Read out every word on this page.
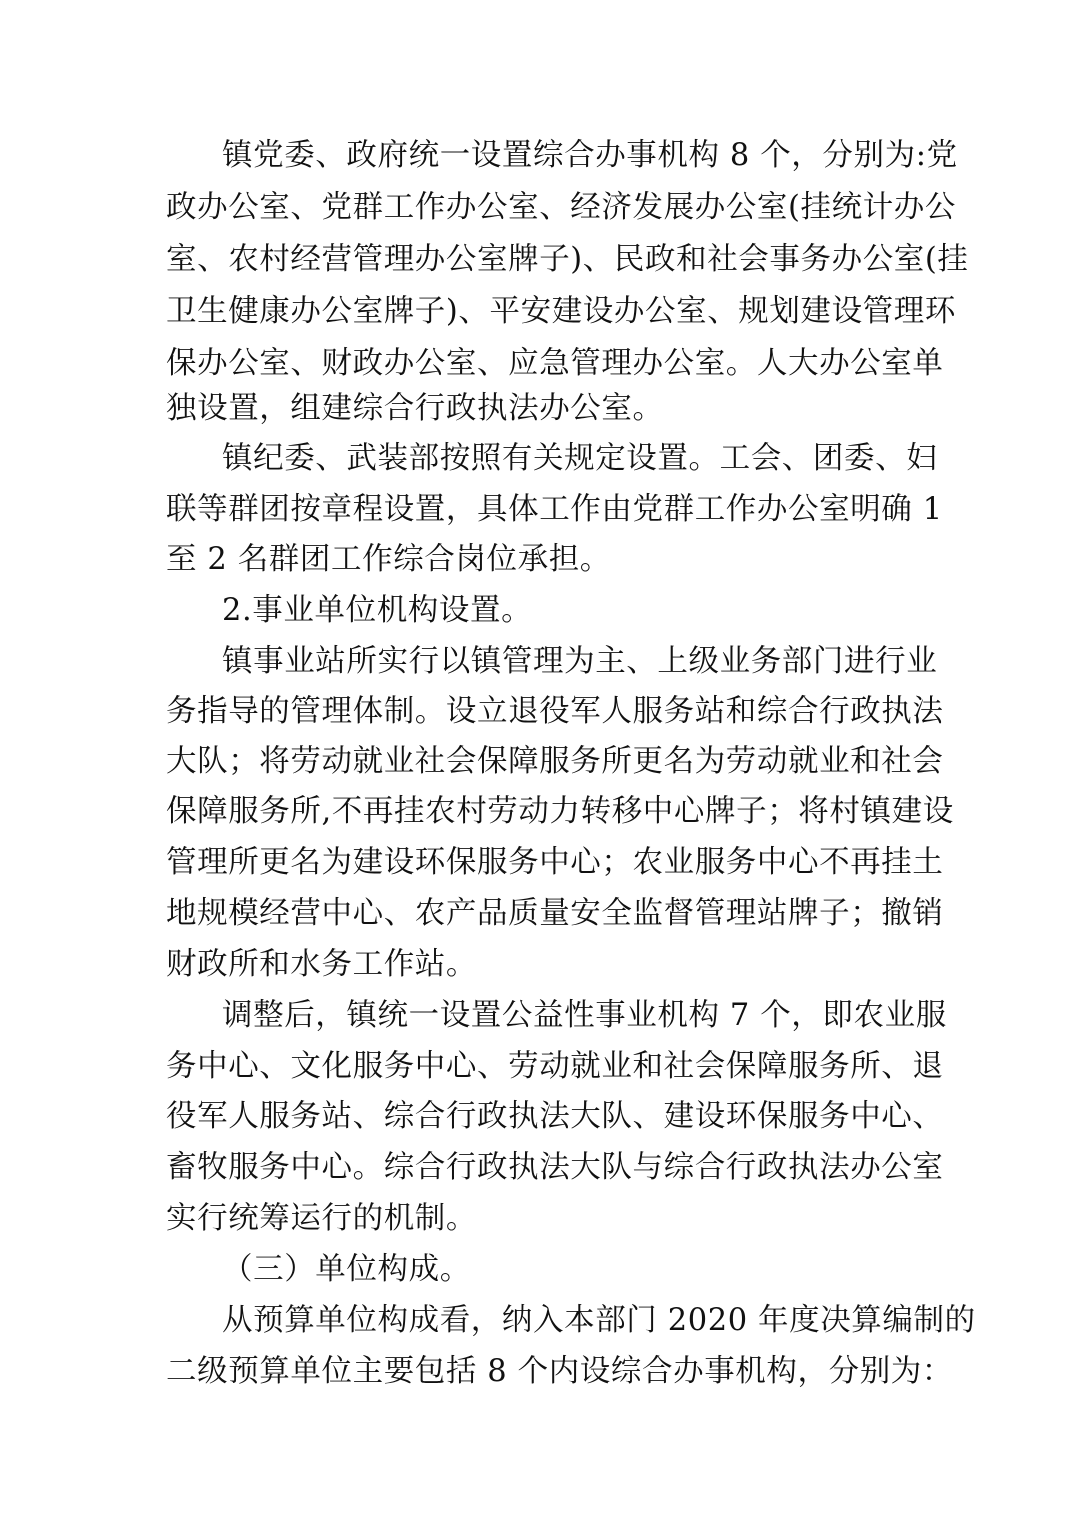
镇党委、政府统一设置综合办事机构 8 个，分别为:党
政办公室、党群工作办公室、经济发展办公室(挂统计办公
室、农村经营管理办公室牌子)、民政和社会事务办公室(挂
卫生健康办公室牌子)、平安建设办公室、规划建设管理环
保办公室、财政办公室、应急管理办公室。人大办公室单
独设置，组建综合行政执法办公室。
镇纪委、武装部按照有关规定设置。工会、团委、妇
联等群团按章程设置，具体工作由党群工作办公室明确 1
至 2 名群团工作综合岗位承担。
2.事业单位机构设置。
镇事业站所实行以镇管理为主、上级业务部门进行业
务指导的管理体制。设立退役军人服务站和综合行政执法
大队；将劳动就业社会保障服务所更名为劳动就业和社会
保障服务所,不再挂农村劳动力转移中心牌子；将村镇建设
管理所更名为建设环保服务中心；农业服务中心不再挂土
地规模经营中心、农产品质量安全监督管理站牌子；撤销
财政所和水务工作站。
调整后，镇统一设置公益性事业机构 7 个，即农业服
务中心、文化服务中心、劳动就业和社会保障服务所、退
役军人服务站、综合行政执法大队、建设环保服务中心、
畜牧服务中心。综合行政执法大队与综合行政执法办公室
实行统筹运行的机制。
（三）单位构成。
从预算单位构成看，纳入本部门 2020 年度决算编制的
二级预算单位主要包括 8 个内设综合办事机构，分别为：
